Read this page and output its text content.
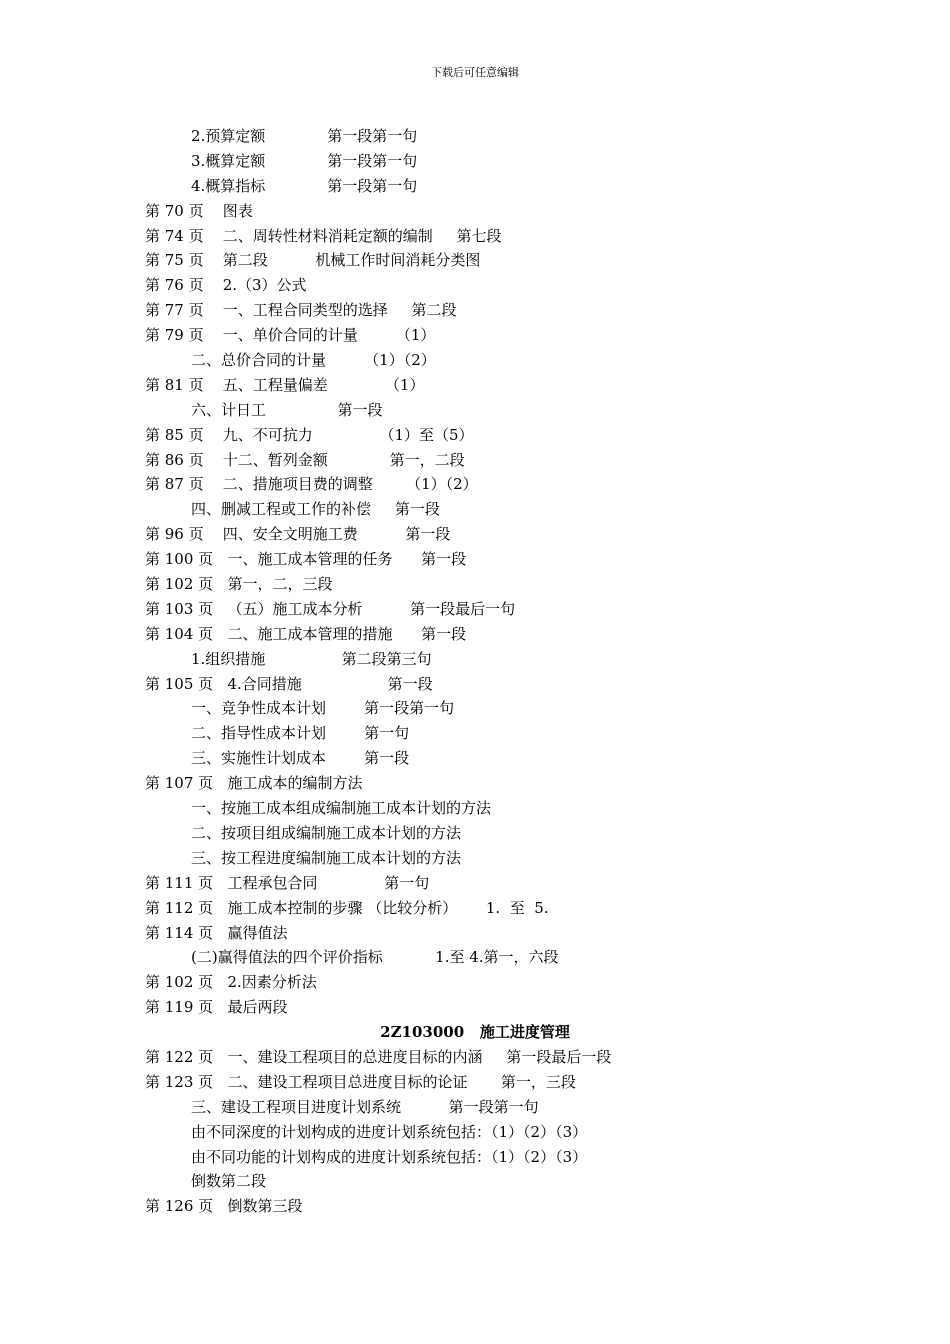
下载后可任意编辑
2.预算定额             第一段第一句
3.概算定额             第一段第一句
4.概算指标             第一段第一句
第 70 页    图表
第 74 页    二、周转性材料消耗定额的编制     第七段
第 75 页    第二段          机械工作时间消耗分类图
第 76 页    2.（3）公式
第 77 页    一、工程合同类型的选择     第二段
第 79 页    一、单价合同的计量        （1）
二、总价合同的计量        （1）（2）
第 81 页    五、工程量偏差            （1）
六、计日工               第一段
第 85 页    九、不可抗力              （1）至（5）
第 86 页    十二、暂列金额             第一，二段
第 87 页    二、措施项目费的调整       （1）（2）
四、删减工程或工作的补偿     第一段
第 96 页    四、安全文明施工费          第一段
第 100 页   一、施工成本管理的任务      第一段
第 102 页   第一，二，三段
第 103 页   （五）施工成本分析          第一段最后一句
第 104 页   二、施工成本管理的措施      第一段
1.组织措施                第二段第三句
第 105 页   4.合同措施                  第一段
一、竞争性成本计划        第一段第一句
二、指导性成本计划        第一句
三、实施性计划成本        第一段
第 107 页   施工成本的编制方法
一、按施工成本组成编制施工成本计划的方法
二、按项目组成编制施工成本计划的方法
三、按工程进度编制施工成本计划的方法
第 111 页   工程承包合同              第一句
第 112 页   施工成本控制的步骤 （比较分析）      1.  至  5.
第 114 页   赢得值法
(二)赢得值法的四个评价指标           1.至 4.第一，六段
第 102 页   2.因素分析法
第 119 页   最后两段
2Z103000   施工进度管理
第 122 页   一、建设工程项目的总进度目标的内涵     第一段最后一段
第 123 页   二、建设工程项目总进度目标的论证       第一，三段
三、建设工程项目进度计划系统          第一段第一句
由不同深度的计划构成的进度计划系统包括：（1）（2）（3）
由不同功能的计划构成的进度计划系统包括：（1）（2）（3）
倒数第二段
第 126 页   倒数第三段
